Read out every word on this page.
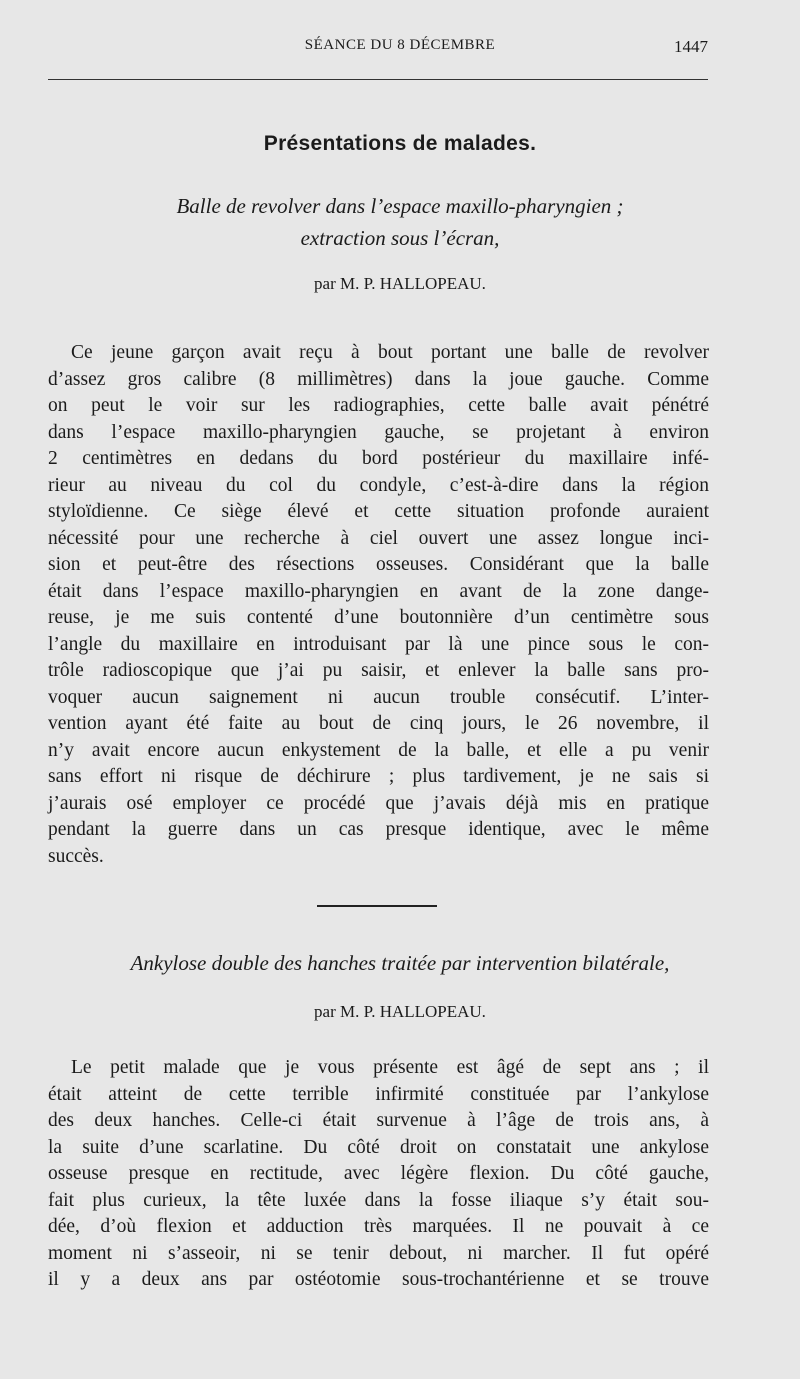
SÉANCE DU 8 DÉCEMBRE	1447
Présentations de malades.
Balle de revolver dans l’espace maxillo-pharyngien ;
extraction sous l’écran,
par M. P. HALLOPEAU.
Ce jeune garçon avait reçu à bout portant une balle de revolver
d’assez gros calibre (8 millimètres) dans la joue gauche. Comme
on peut le voir sur les radiographies, cette balle avait pénétré
dans l’espace maxillo-pharyngien gauche, se projetant à environ
2 centimètres en dedans du bord postérieur du maxillaire infé-
rieur au niveau du col du condyle, c’est-à-dire dans la région
styloïdienne. Ce siège élevé et cette situation profonde auraient
nécessité pour une recherche à ciel ouvert une assez longue inci-
sion et peut-être des résections osseuses. Considérant que la balle
était dans l’espace maxillo-pharyngien en avant de la zone dange-
reuse, je me suis contenté d’une boutonnière d’un centimètre sous
l’angle du maxillaire en introduisant par là une pince sous le con-
trôle radioscopique que j’ai pu saisir, et enlever la balle sans pro-
voquer aucun saignement ni aucun trouble consécutif. L’inter-
vention ayant été faite au bout de cinq jours, le 26 novembre, il
n’y avait encore aucun enkystement de la balle, et elle a pu venir
sans effort ni risque de déchirure ; plus tardivement, je ne sais si
j’aurais osé employer ce procédé que j’avais déjà mis en pratique
pendant la guerre dans un cas presque identique, avec le même
succès.
Ankylose double des hanches traitée par intervention bilatérale,
par M. P. HALLOPEAU.
Le petit malade que je vous présente est âgé de sept ans ; il
était atteint de cette terrible infirmité constituée par l’ankylose
des deux hanches. Celle-ci était survenue à l’âge de trois ans, à
la suite d’une scarlatine. Du côté droit on constatait une ankylose
osseuse presque en rectitude, avec légère flexion. Du côté gauche,
fait plus curieux, la tête luxée dans la fosse iliaque s’y était sou-
dée, d’où flexion et adduction très marquées. Il ne pouvait à ce
moment ni s’asseoir, ni se tenir debout, ni marcher. Il fut opéré
il y a deux ans par ostéotomie sous-trochantérienne et se trouve
